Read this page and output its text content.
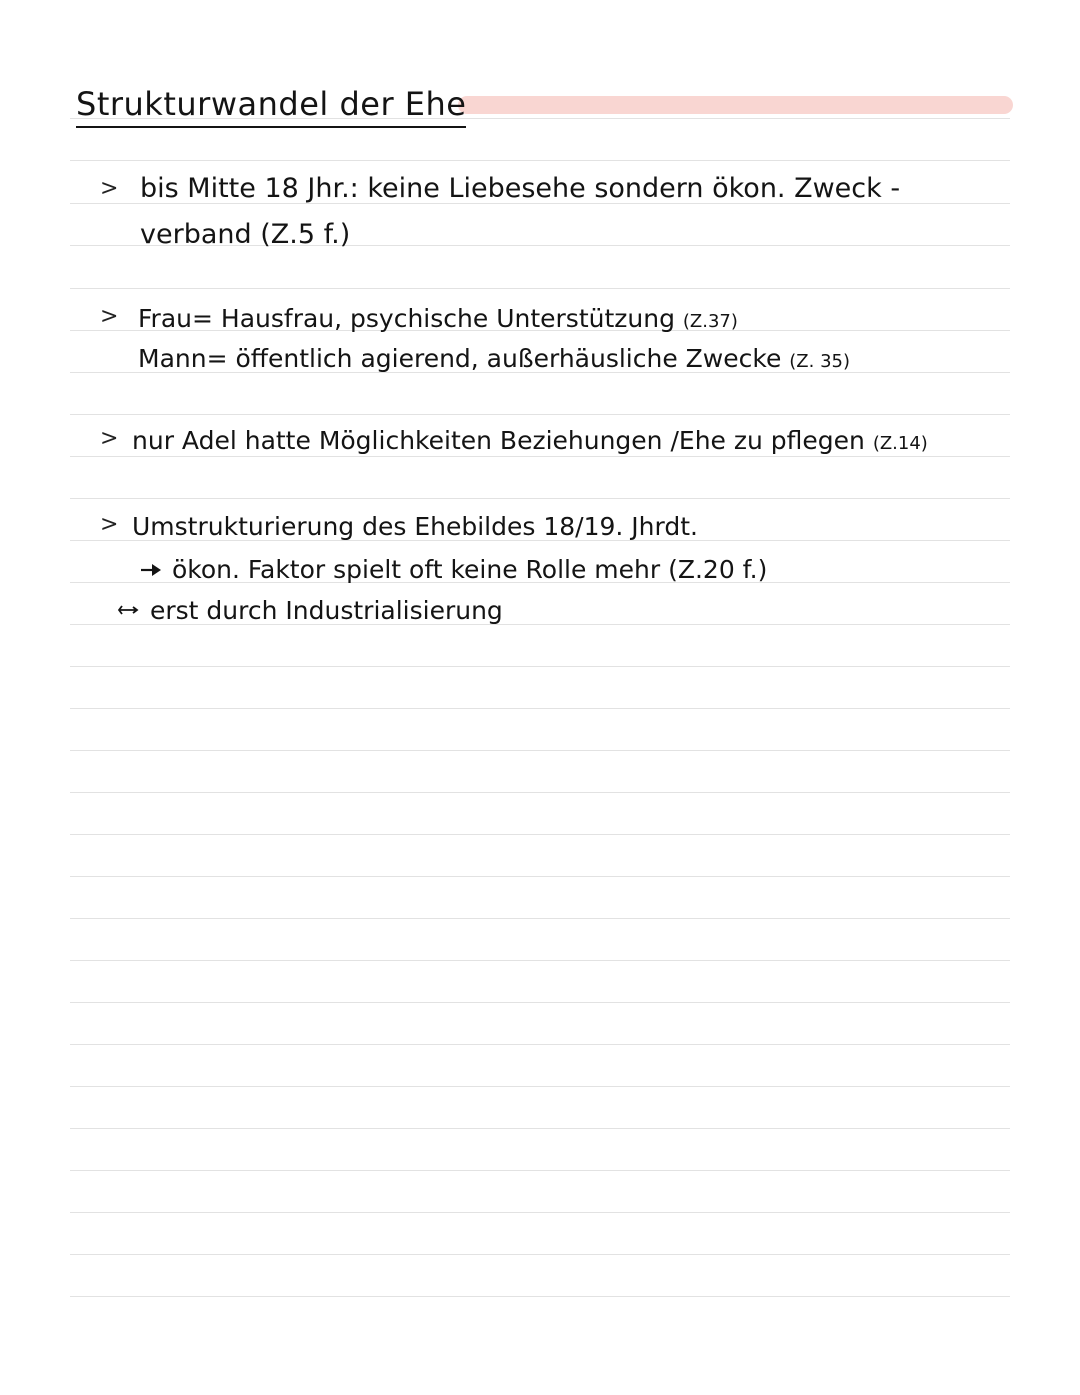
Strukturwandel der Ehe
> bis Mitte 18 Jhr.: keine Liebesehe sondern ökon. Zweck -
verband (Z.5 f.)
> Frau= Hausfrau, psychische Unterstützung (Z.37)
Mann= öffentlich agierend, außerhäusliche Zwecke (Z. 35)
> nur Adel hatte Möglichkeiten Beziehungen /Ehe zu pflegen (Z.14)
> Umstrukturierung des Ehebildes 18/19. Jhrdt.
ökon. Faktor spielt oft keine Rolle mehr (Z.20 f.)
erst durch Industrialisierung
